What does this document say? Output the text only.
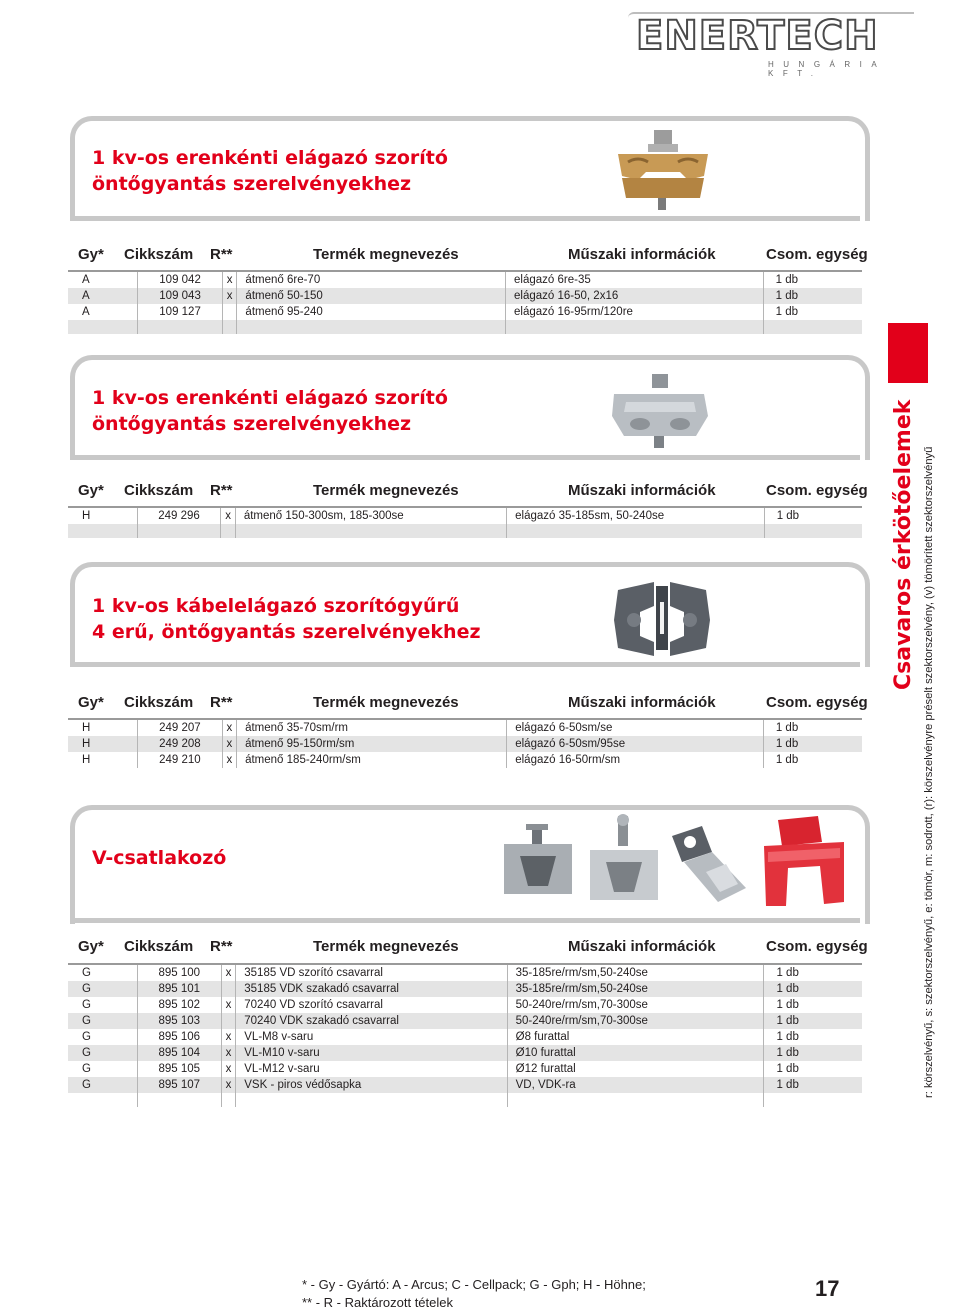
ENERTECH
HUNGÁRIA KFT.
1 kv-os erenkénti elágazó szorító
öntőgyantás szerelvényekhez
Gy* Cikkszám R**	Termék megnevezés	Műszaki információk	Csom. egység
A	109 042	x	átmenő 6re-70	elágazó 6re-35	1 db
A	109 043	x	átmenő 50-150	elágazó 16-50, 2x16	1 db
A	109 127		átmenő 95-240	elágazó 16-95rm/120re	1 db

1 kv-os erenkénti elágazó szorító
öntőgyantás szerelvényekhez
Gy* Cikkszám R**	Termék megnevezés	Műszaki információk	Csom. egység
H	249 296	x	átmenő 150-300sm, 185-300se	elágazó 35-185sm, 50-240se	1 db

1 kv-os kábelelágazó szorítógyűrű
4 erű, öntőgyantás szerelvényekhez
Gy* Cikkszám R**	Termék megnevezés	Műszaki információk	Csom. egység
H	249 207	x	átmenő 35-70sm/rm	elágazó 6-50sm/se	1 db
H	249 208	x	átmenő 95-150rm/sm	elágazó 6-50sm/95se	1 db
H	249 210	x	átmenő 185-240rm/sm	elágazó 16-50rm/sm	1 db
V-csatlakozó
Gy* Cikkszám R**	Termék megnevezés	Műszaki információk	Csom. egység
G	895 100	x	35185 VD szorító csavarral	35-185re/rm/sm,50-240se	1 db
G	895 101		35185 VDK szakadó csavarral	35-185re/rm/sm,50-240se	1 db
G	895 102	x	70240 VD szorító csavarral	50-240re/rm/sm,70-300se	1 db
G	895 103		70240 VDK szakadó csavarral	50-240re/rm/sm,70-300se	1 db
G	895 106	x	VL-M8 v-saru	Ø8 furattal	1 db
G	895 104	x	VL-M10 v-saru	Ø10 furattal	1 db
G	895 105	x	VL-M12 v-saru	Ø12 furattal	1 db
G	895 107	x	VSK - piros védősapka	VD, VDK-ra	1 db

Csavaros érkötőelemek r: körszelvényű, s: szektorszelvényű, e: tömör, m: sodrott, (r): körszelvényre préselt szektorszelvény, (v) tömörített szektorszelvényű
* - Gy - Gyártó: A - Arcus; C - Cellpack; G - Gph; H - Höhne;
** - R - Raktározott tételek
17
